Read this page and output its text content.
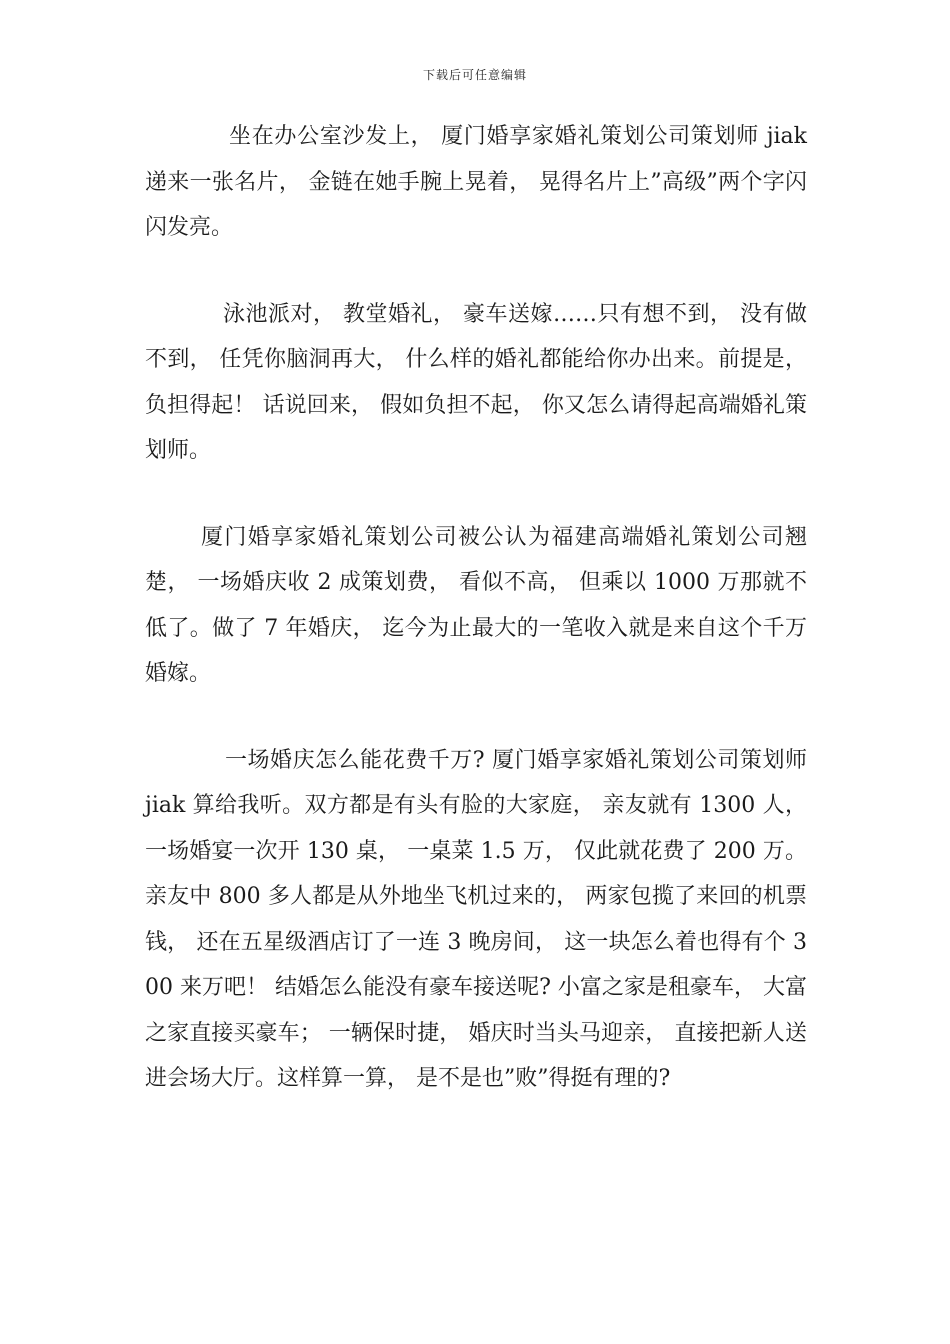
下载后可任意编辑

坐在办公室沙发上， 厦门婚享家婚礼策划公司策划师 jiak 递来一张名片， 金链在她手腕上晃着， 晃得名片上”高级”两个字闪闪发亮。

泳池派对， 教堂婚礼， 豪车送嫁……只有想不到， 没有做不到， 任凭你脑洞再大， 什么样的婚礼都能给你办出来。前提是，负担得起！ 话说回来， 假如负担不起， 你又怎么请得起高端婚礼策划师。

厦门婚享家婚礼策划公司被公认为福建高端婚礼策划公司翘楚， 一场婚庆收 2 成策划费， 看似不高， 但乘以 1000 万那就不低了。做了 7 年婚庆， 迄今为止最大的一笔收入就是来自这个千万婚嫁。

一场婚庆怎么能花费千万? 厦门婚享家婚礼策划公司策划师 jiak 算给我听。双方都是有头有脸的大家庭， 亲友就有 1300 人， 一场婚宴一次开 130 桌， 一桌菜 1.5 万， 仅此就花费了 200 万。亲友中 800 多人都是从外地坐飞机过来的， 两家包揽了来回的机票钱， 还在五星级酒店订了一连 3 晚房间， 这一块怎么着也得有个 300 来万吧！ 结婚怎么能没有豪车接送呢? 小富之家是租豪车， 大富之家直接买豪车； 一辆保时捷， 婚庆时当头马迎亲， 直接把新人送进会场大厅。这样算一算， 是不是也”败”得挺有理的?
